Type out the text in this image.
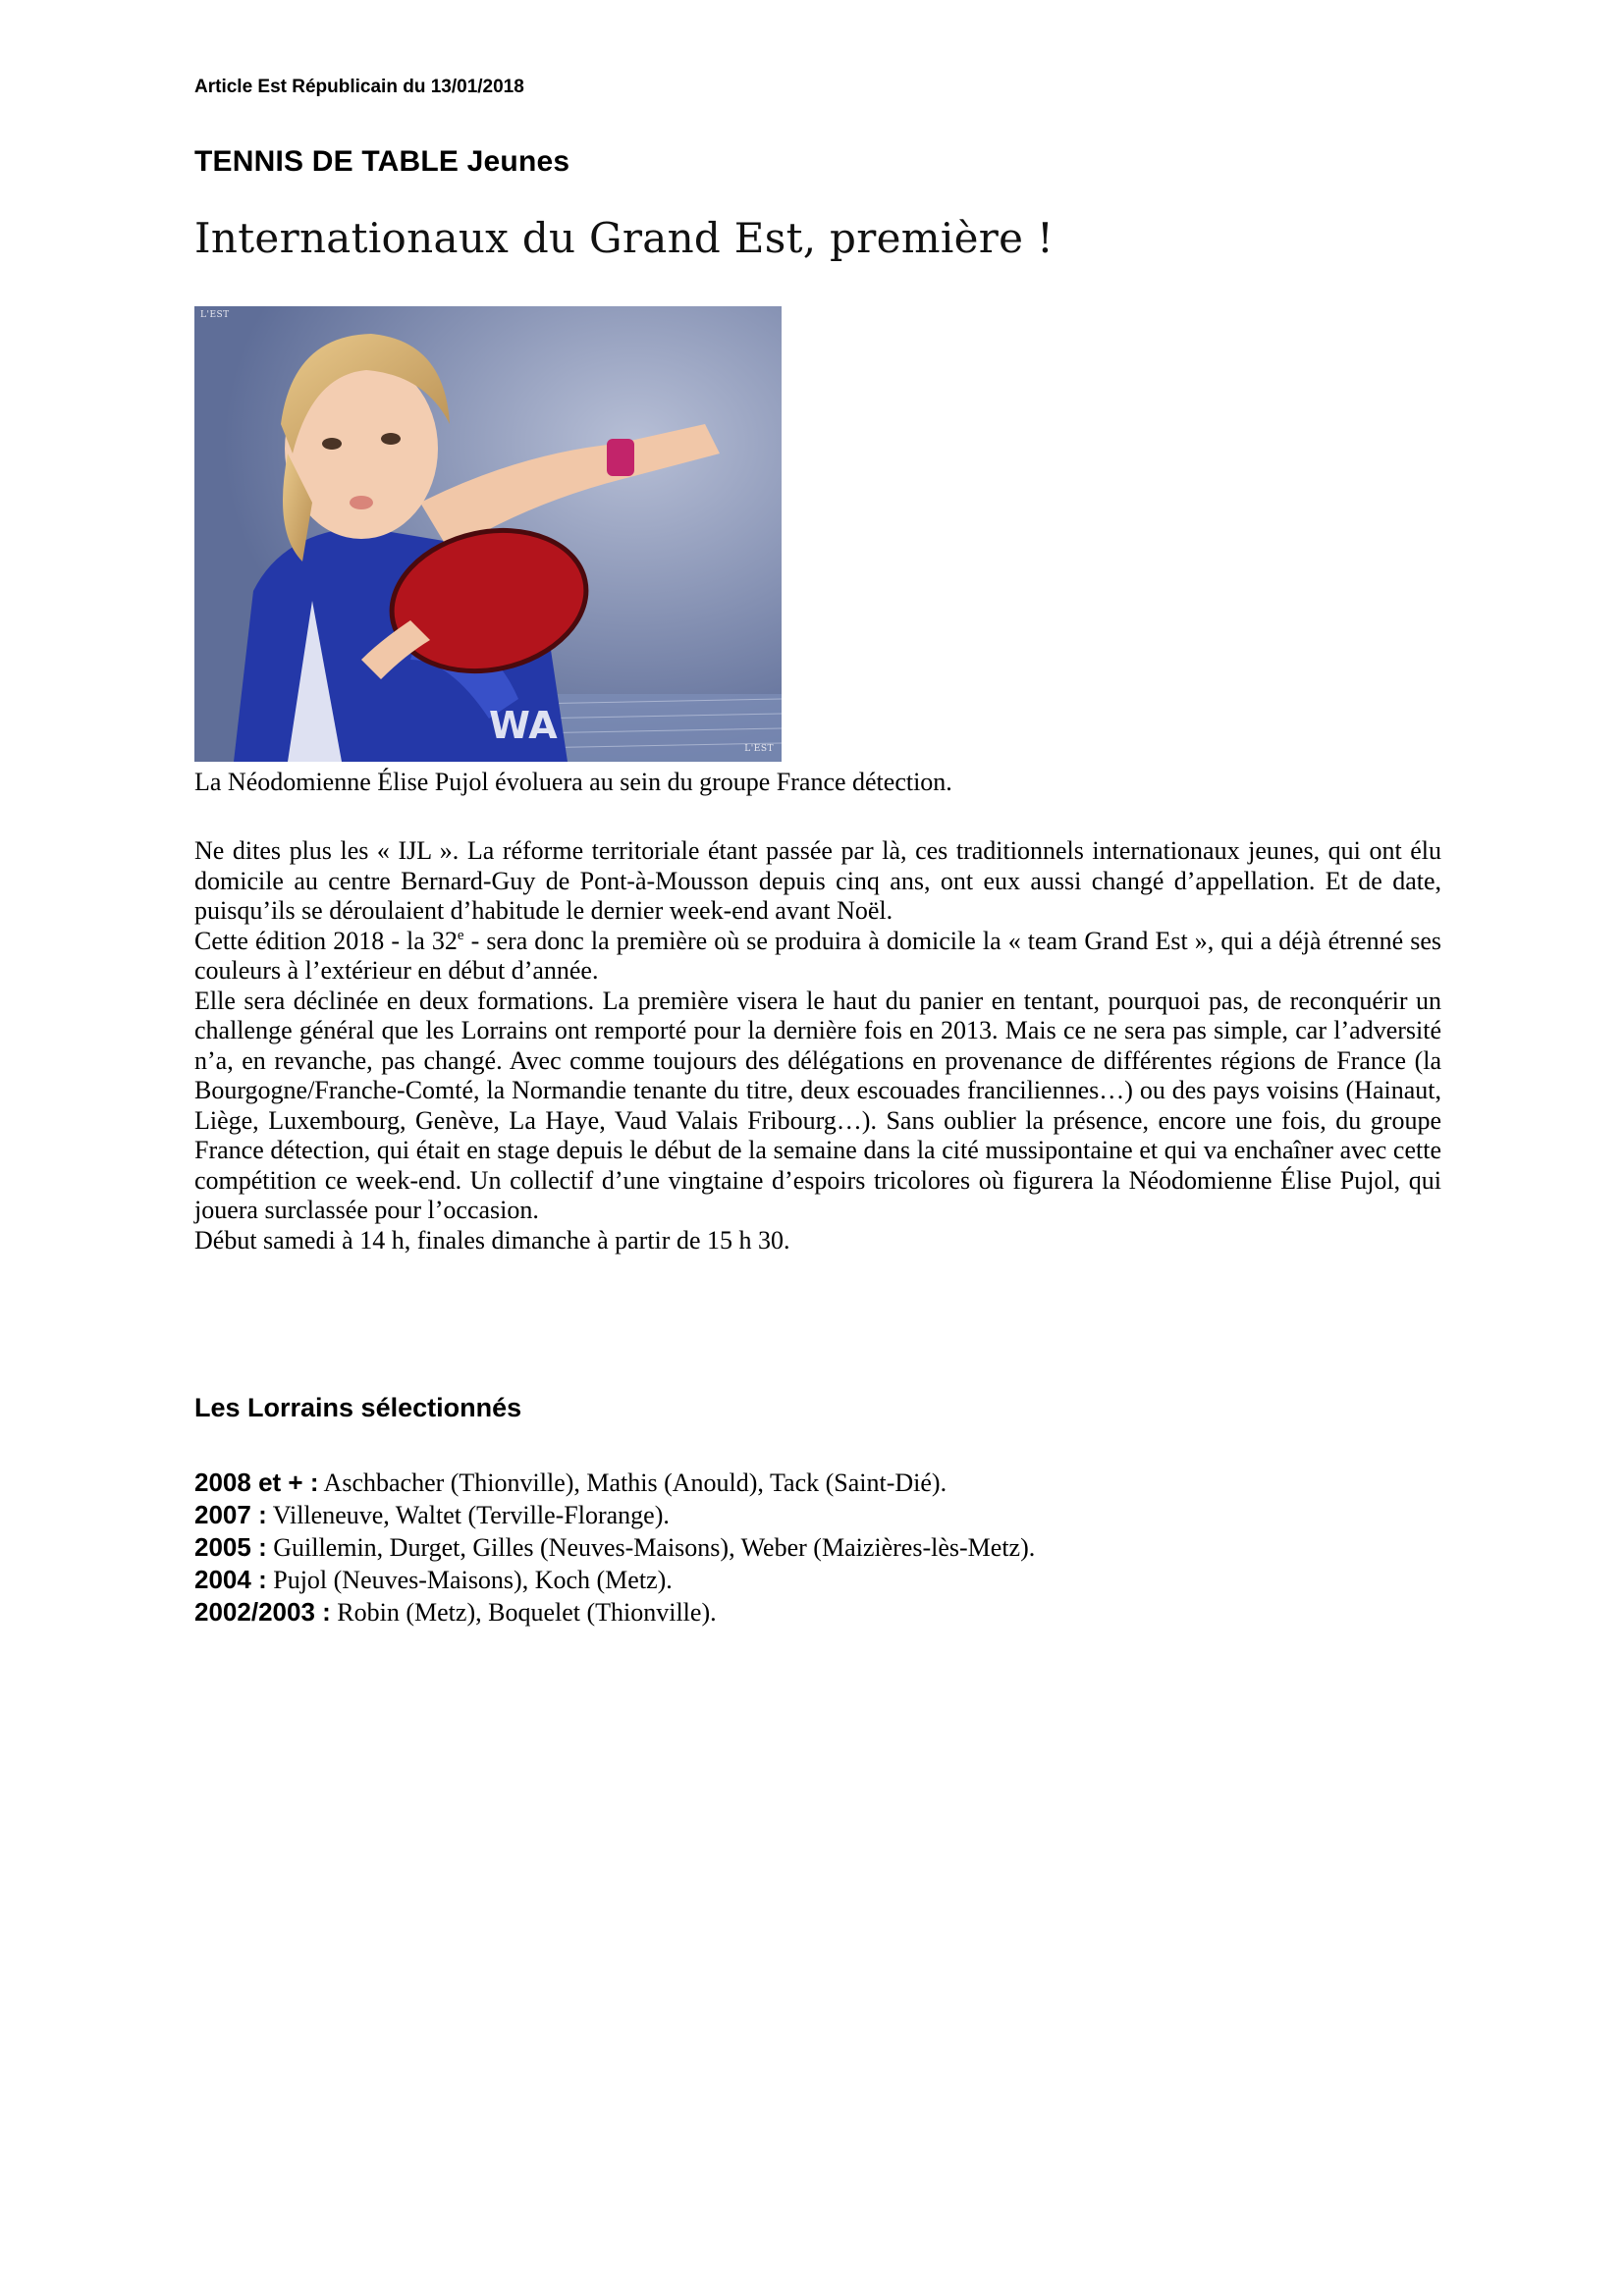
Article Est Républicain du 13/01/2018
TENNIS DE TABLE Jeunes
Internationaux du Grand Est, première !
WA
L'EST
L'EST
La Néodomienne Élise Pujol évoluera au sein du groupe France détection.

Ne dites plus les « IJL ». La réforme territoriale étant passée par là, ces traditionnels internationaux jeunes, qui ont élu domicile au centre Bernard-Guy de Pont-à-Mousson depuis cinq ans, ont eux aussi changé d’appellation. Et de date, puisqu’ils se déroulaient d’habitude le dernier week-end avant Noël.

Cette édition 2018 - la 32e - sera donc la première où se produira à domicile la « team Grand Est », qui a déjà étrenné ses couleurs à l’extérieur en début d’année.

Elle sera déclinée en deux formations. La première visera le haut du panier en tentant, pourquoi pas, de reconquérir un challenge général que les Lorrains ont remporté pour la dernière fois en 2013. Mais ce ne sera pas simple, car l’adversité n’a, en revanche, pas changé. Avec comme toujours des délégations en provenance de différentes régions de France (la Bourgogne/Franche-Comté, la Normandie tenante du titre, deux escouades franciliennes…) ou des pays voisins (Hainaut, Liège, Luxembourg, Genève, La Haye, Vaud Valais Fribourg…). Sans oublier la présence, encore une fois, du groupe France détection, qui était en stage depuis le début de la semaine dans la cité mussipontaine et qui va enchaîner avec cette compétition ce week-end. Un collectif d’une vingtaine d’espoirs tricolores où figurera la Néodomienne Élise Pujol, qui jouera surclassée pour l’occasion.

Début samedi à 14 h, finales dimanche à partir de 15 h 30.

Les Lorrains sélectionnés
2008 et + : Aschbacher (Thionville), Mathis (Anould), Tack (Saint-Dié).
2007 : Villeneuve, Waltet (Terville-Florange).
2005 : Guillemin, Durget, Gilles (Neuves-Maisons), Weber (Maizières-lès-Metz).
2004 : Pujol (Neuves-Maisons), Koch (Metz).
2002/2003 : Robin (Metz), Boquelet (Thionville).
